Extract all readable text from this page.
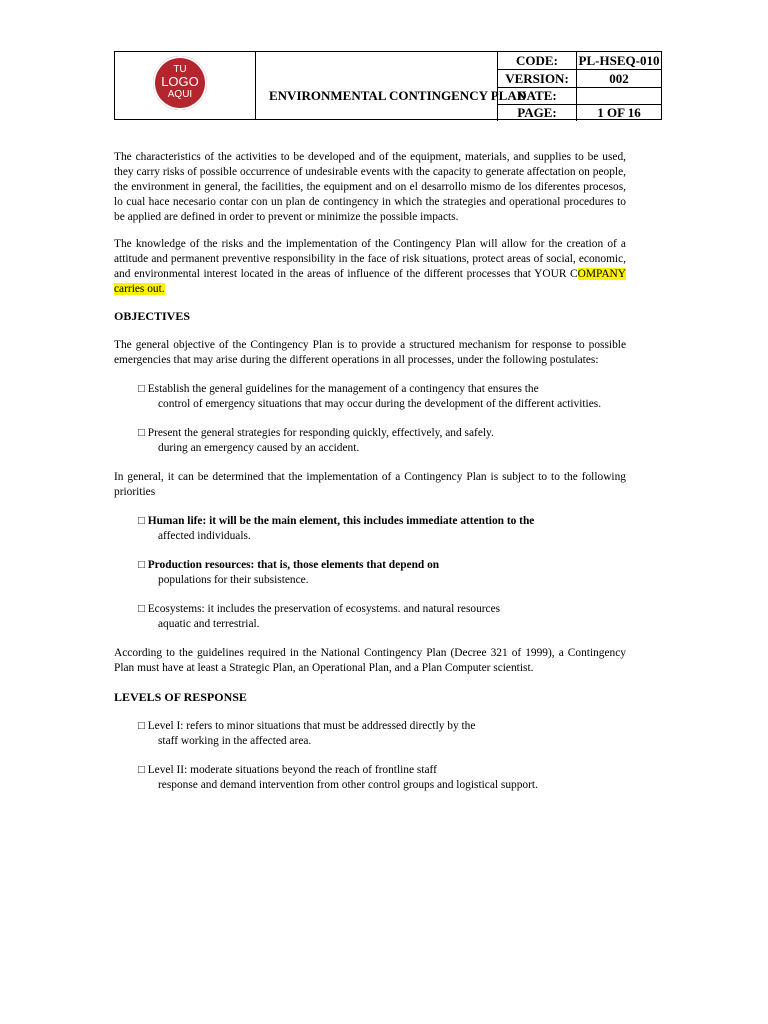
TU
LOGO
AQUI	ENVIRONMENTAL CONTINGENCY PLAN
CODE:	PL-HSEQ-010
VERSION:	002
DATE:
PAGE:	1 OF 16

The characteristics of the activities to be developed and of the equipment, materials, and supplies to be used, they carry risks of possible occurrence of undesirable events with the capacity to generate affectation on people, the environment in general, the facilities, the equipment and on el desarrollo mismo de los diferentes procesos, lo cual hace necesario contar con un plan de contingency in which the strategies and operational procedures to be applied are defined in order to prevent or minimize the possible impacts.

The knowledge of the risks and the implementation of the Contingency Plan will allow for the creation of a attitude and permanent preventive responsibility in the face of risk situations, protect areas of social, economic, and environmental interest located in the areas of influence of the different processes that YOUR COMPANY carries out.

OBJECTIVES

The general objective of the Contingency Plan is to provide a structured mechanism for response to possible emergencies that may arise during the different operations in all processes, under the following postulates:

□ Establish the general guidelines for the management of a contingency that ensures the
control of emergency situations that may occur during the development of the different activities.
□ Present the general strategies for responding quickly, effectively, and safely.
during an emergency caused by an accident.

In general, it can be determined that the implementation of a Contingency Plan is subject to to the following priorities

□ Human life: it will be the main element, this includes immediate attention to the
affected individuals.
□ Production resources: that is, those elements that depend on
populations for their subsistence.
□ Ecosystems: it includes the preservation of ecosystems. and natural resources
aquatic and terrestrial.

According to the guidelines required in the National Contingency Plan (Decree 321 of 1999), a Contingency Plan must have at least a Strategic Plan, an Operational Plan, and a Plan Computer scientist.

LEVELS OF RESPONSE

□ Level I: refers to minor situations that must be addressed directly by the
staff working in the affected area.
□ Level II: moderate situations beyond the reach of frontline staff
response and demand intervention from other control groups and logistical support.
